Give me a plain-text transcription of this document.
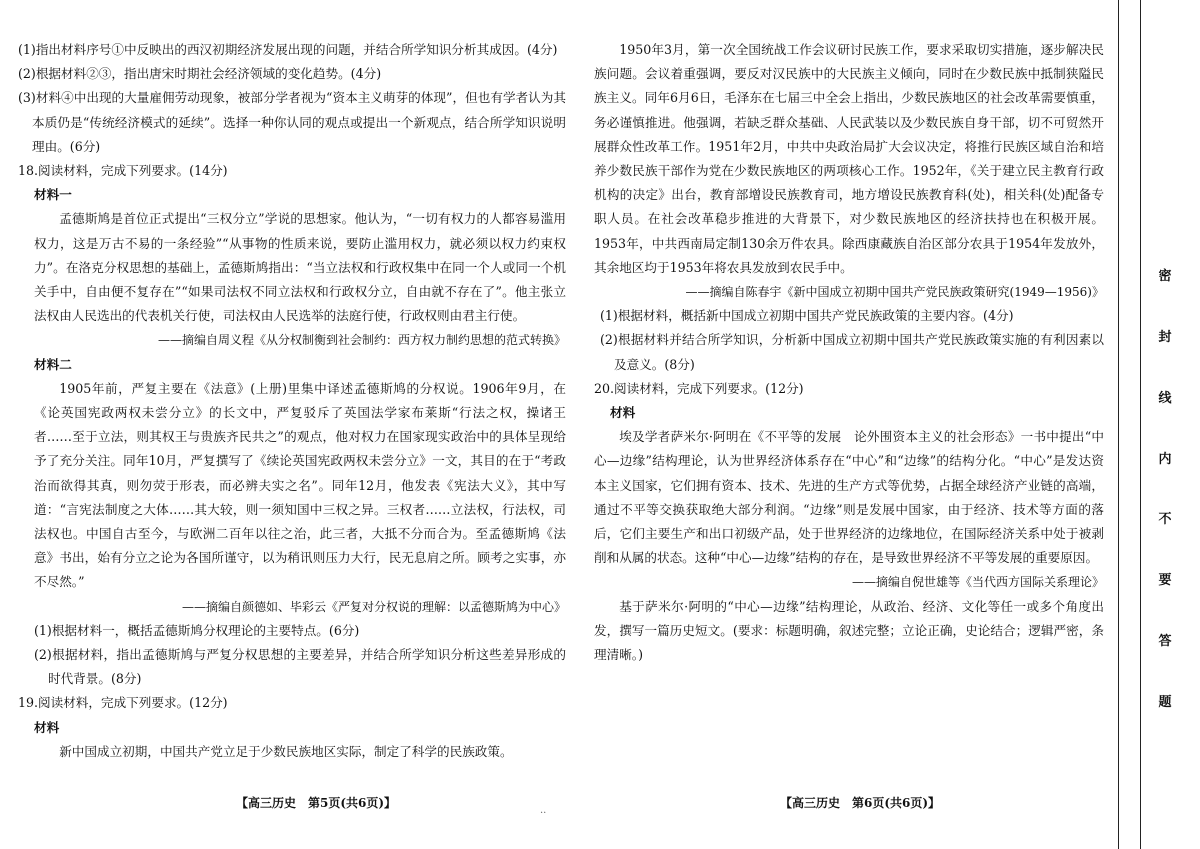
(1)指出材料序号①中反映出的西汉初期经济发展出现的问题，并结合所学知识分析其成因。(4分)

(2)根据材料②③，指出唐宋时期社会经济领域的变化趋势。(4分)

(3)材料④中出现的大量雇佣劳动现象，被部分学者视为“资本主义萌芽的体现”，但也有学者认为其本质仍是“传统经济模式的延续”。选择一种你认同的观点或提出一个新观点，结合所学知识说明理由。(6分)

18.阅读材料，完成下列要求。(14分)

材料一

孟德斯鸠是首位正式提出“三权分立”学说的思想家。他认为，“一切有权力的人都容易滥用权力，这是万古不易的一条经验”“从事物的性质来说，要防止滥用权力，就必须以权力约束权力”。在洛克分权思想的基础上，孟德斯鸠指出：“当立法权和行政权集中在同一个人或同一个机关手中，自由便不复存在”“如果司法权不同立法权和行政权分立，自由就不存在了”。他主张立法权由人民选出的代表机关行使，司法权由人民选举的法庭行使，行政权则由君主行使。

——摘编自周义程《从分权制衡到社会制约：西方权力制约思想的范式转换》

材料二

1905年前，严复主要在《法意》(上册)里集中译述孟德斯鸠的分权说。1906年9月，在《论英国宪政两权未尝分立》的长文中，严复驳斥了英国法学家布莱斯“行法之权，操诸王者……至于立法，则其权王与贵族齐民共之”的观点，他对权力在国家现实政治中的具体呈现给予了充分关注。同年10月，严复撰写了《续论英国宪政两权未尝分立》一文，其目的在于“考政治而欲得其真，则勿荧于形表，而必辨夫实之名”。同年12月，他发表《宪法大义》，其中写道：“言宪法制度之大体……其大较，则一须知国中三权之异。三权者……立法权，行法权，司法权也。中国自古至今，与欧洲二百年以往之治，此三者，大抵不分而合为。至孟德斯鸠《法意》书出，始有分立之论为各国所谨守，以为稍讯则压力大行，民无息肩之所。顾考之实事，亦不尽然。”

——摘编自颜德如、毕彩云《严复对分权说的理解：以孟德斯鸠为中心》

(1)根据材料一，概括孟德斯鸠分权理论的主要特点。(6分)

(2)根据材料，指出孟德斯鸠与严复分权思想的主要差异，并结合所学知识分析这些差异形成的时代背景。(8分)

19.阅读材料，完成下列要求。(12分)

材料

新中国成立初期，中国共产党立足于少数民族地区实际，制定了科学的民族政策。

1950年3月，第一次全国统战工作会议研讨民族工作，要求采取切实措施，逐步解决民族问题。会议着重强调，要反对汉民族中的大民族主义倾向，同时在少数民族中抵制狭隘民族主义。同年6月6日，毛泽东在七届三中全会上指出，少数民族地区的社会改革需要慎重，务必谨慎推进。他强调，若缺乏群众基础、人民武装以及少数民族自身干部，切不可贸然开展群众性改革工作。1951年2月，中共中央政治局扩大会议决定，将推行民族区域自治和培养少数民族干部作为党在少数民族地区的两项核心工作。1952年，《关于建立民主教育行政机构的决定》出台，教育部增设民族教育司，地方增设民族教育科(处)，相关科(处)配备专职人员。在社会改革稳步推进的大背景下，对少数民族地区的经济扶持也在积极开展。1953年，中共西南局定制130余万件农具。除西康藏族自治区部分农具于1954年发放外，其余地区均于1953年将农具发放到农民手中。

——摘编自陈春宇《新中国成立初期中国共产党民族政策研究(1949—1956)》

(1)根据材料，概括新中国成立初期中国共产党民族政策的主要内容。(4分)

(2)根据材料并结合所学知识，分析新中国成立初期中国共产党民族政策实施的有利因素以及意义。(8分)

20.阅读材料，完成下列要求。(12分)

材料

埃及学者萨米尔·阿明在《不平等的发展　论外围资本主义的社会形态》一书中提出“中心—边缘”结构理论，认为世界经济体系存在“中心”和“边缘”的结构分化。“中心”是发达资本主义国家，它们拥有资本、技术、先进的生产方式等优势，占据全球经济产业链的高端，通过不平等交换获取绝大部分利润。“边缘”则是发展中国家，由于经济、技术等方面的落后，它们主要生产和出口初级产品，处于世界经济的边缘地位，在国际经济关系中处于被剥削和从属的状态。这种“中心—边缘”结构的存在，是导致世界经济不平等发展的重要原因。

——摘编自倪世雄等《当代西方国际关系理论》

基于萨米尔·阿明的“中心—边缘”结构理论，从政治、经济、文化等任一或多个角度出发，撰写一篇历史短文。(要求：标题明确，叙述完整；立论正确，史论结合；逻辑严密，条理清晰。)

【高三历史　第5页(共6页)】	【高三历史　第6页(共6页)】
..
密
封
线
内
不
要
答
题
